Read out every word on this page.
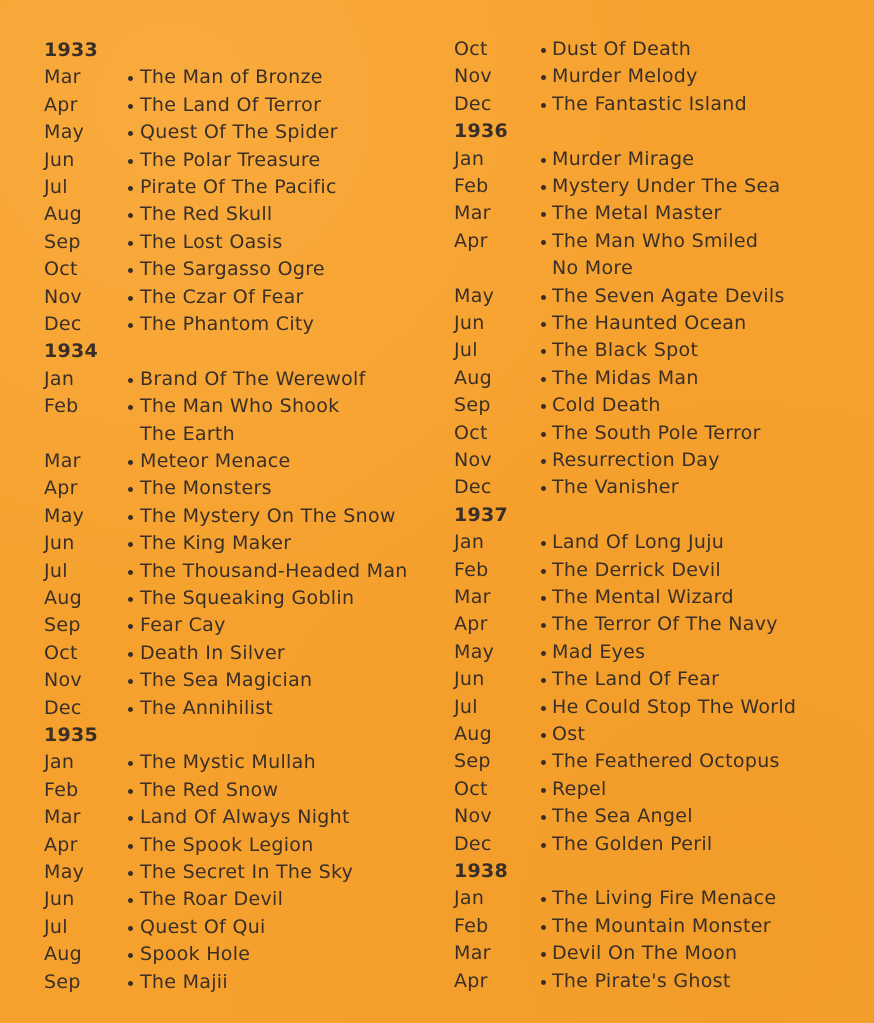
1933
Mar	The Man of Bronze
Apr	The Land Of Terror
May	Quest Of The Spider
Jun	The Polar Treasure
Jul	Pirate Of The Pacific
Aug	The Red Skull
Sep	The Lost Oasis
Oct	The Sargasso Ogre
Nov	The Czar Of Fear
Dec	The Phantom City
1934
Jan	Brand Of The Werewolf
Feb	The Man Who Shook
The Earth
Mar	Meteor Menace
Apr	The Monsters
May	The Mystery On The Snow
Jun	The King Maker
Jul	The Thousand-Headed Man
Aug	The Squeaking Goblin
Sep	Fear Cay
Oct	Death In Silver
Nov	The Sea Magician
Dec	The Annihilist
1935
Jan	The Mystic Mullah
Feb	The Red Snow
Mar	Land Of Always Night
Apr	The Spook Legion
May	The Secret In The Sky
Jun	The Roar Devil
Jul	Quest Of Qui
Aug	Spook Hole
Sep	The Majii
Oct	Dust Of Death
Nov	Murder Melody
Dec	The Fantastic Island
1936
Jan	Murder Mirage
Feb	Mystery Under The Sea
Mar	The Metal Master
Apr	The Man Who Smiled
No More
May	The Seven Agate Devils
Jun	The Haunted Ocean
Jul	The Black Spot
Aug	The Midas Man
Sep	Cold Death
Oct	The South Pole Terror
Nov	Resurrection Day
Dec	The Vanisher
1937
Jan	Land Of Long Juju
Feb	The Derrick Devil
Mar	The Mental Wizard
Apr	The Terror Of The Navy
May	Mad Eyes
Jun	The Land Of Fear
Jul	He Could Stop The World
Aug	Ost
Sep	The Feathered Octopus
Oct	Repel
Nov	The Sea Angel
Dec	The Golden Peril
1938
Jan	The Living Fire Menace
Feb	The Mountain Monster
Mar	Devil On The Moon
Apr	The Pirate's Ghost
